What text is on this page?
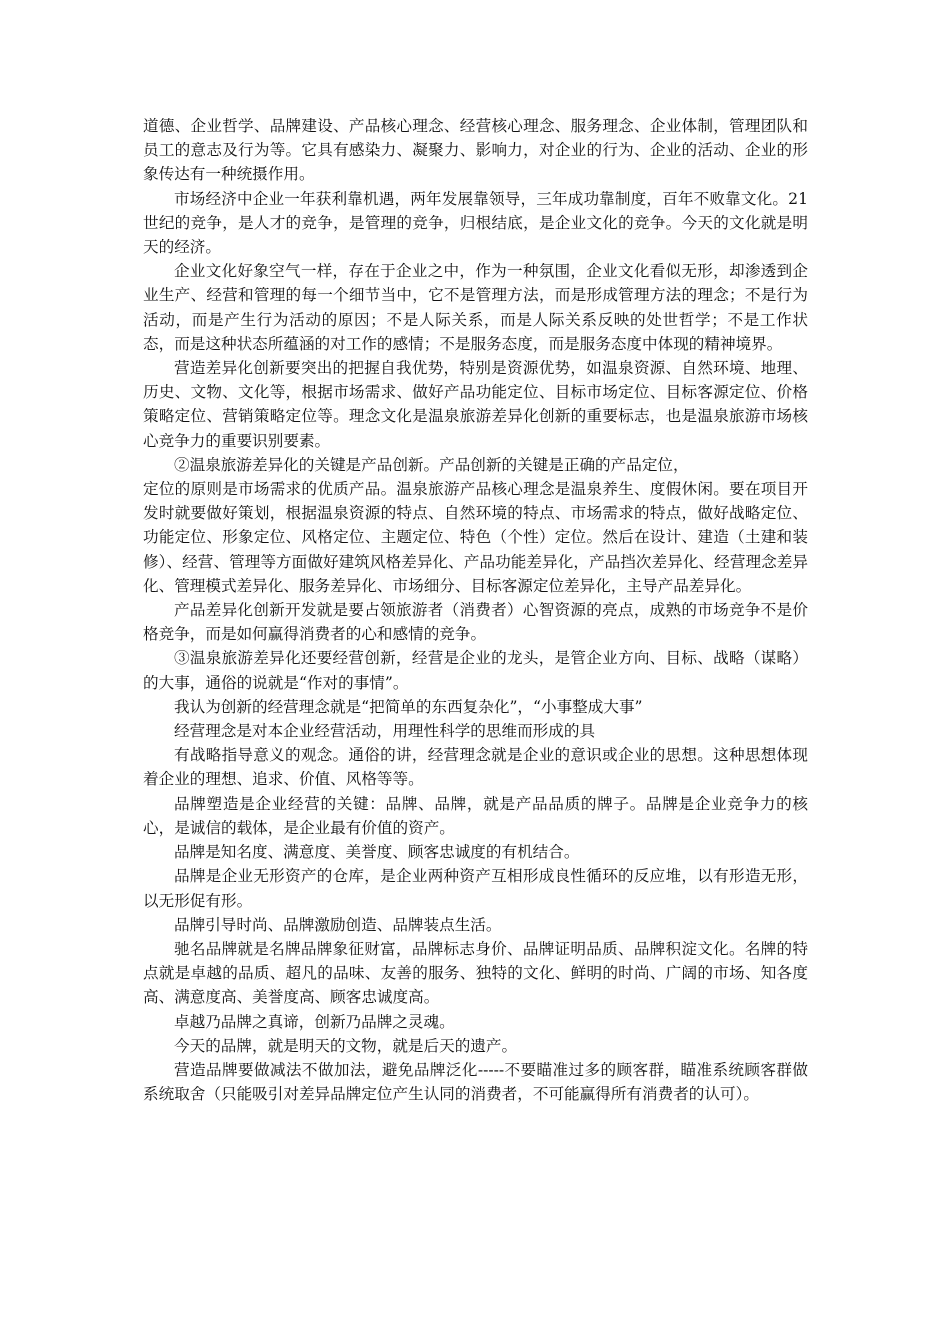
道德、企业哲学、品牌建设、产品核心理念、经营核心理念、服务理念、企业体制，管理团队和员工的意志及行为等。它具有感染力、凝聚力、影响力，对企业的行为、企业的活动、企业的形象传达有一种统摄作用。

市场经济中企业一年获利靠机遇，两年发展靠领导，三年成功靠制度，百年不败靠文化。21 世纪的竞争，是人才的竞争，是管理的竞争，归根结底，是企业文化的竞争。今天的文化就是明天的经济。

企业文化好象空气一样，存在于企业之中，作为一种氛围，企业文化看似无形，却渗透到企业生产、经营和管理的每一个细节当中，它不是管理方法，而是形成管理方法的理念；不是行为活动，而是产生行为活动的原因；不是人际关系，而是人际关系反映的处世哲学；不是工作状态，而是这种状态所蕴涵的对工作的感情；不是服务态度，而是服务态度中体现的精神境界。

营造差异化创新要突出的把握自我优势，特别是资源优势，如温泉资源、自然环境、地理、历史、文物、文化等，根据市场需求、做好产品功能定位、目标市场定位、目标客源定位、价格策略定位、营销策略定位等。理念文化是温泉旅游差异化创新的重要标志，也是温泉旅游市场核心竞争力的重要识别要素。

②温泉旅游差异化的关键是产品创新。产品创新的关键是正确的产品定位，

定位的原则是市场需求的优质产品。温泉旅游产品核心理念是温泉养生、度假休闲。要在项目开发时就要做好策划，根据温泉资源的特点、自然环境的特点、市场需求的特点，做好战略定位、功能定位、形象定位、风格定位、主题定位、特色（个性）定位。然后在设计、建造（土建和装修）、经营、管理等方面做好建筑风格差异化、产品功能差异化，产品挡次差异化、经营理念差异化、管理模式差异化、服务差异化、市场细分、目标客源定位差异化，主导产品差异化。

产品差异化创新开发就是要占领旅游者（消费者）心智资源的亮点，成熟的市场竞争不是价格竞争，而是如何赢得消费者的心和感情的竞争。

③温泉旅游差异化还要经营创新，经营是企业的龙头，是管企业方向、目标、战略（谋略）的大事，通俗的说就是“作对的事情”。

我认为创新的经营理念就是“把简单的东西复杂化”，“小事整成大事”

经营理念是对本企业经营活动，用理性科学的思维而形成的具

有战略指导意义的观念。通俗的讲，经营理念就是企业的意识或企业的思想。这种思想体现着企业的理想、追求、价值、风格等等。

品牌塑造是企业经营的关键：品牌、品牌，就是产品品质的牌子。品牌是企业竞争力的核心，是诚信的载体，是企业最有价值的资产。

品牌是知名度、满意度、美誉度、顾客忠诚度的有机结合。

品牌是企业无形资产的仓库，是企业两种资产互相形成良性循环的反应堆，以有形造无形，以无形促有形。

品牌引导时尚、品牌激励创造、品牌装点生活。

驰名品牌就是名牌品牌象征财富，品牌标志身价、品牌证明品质、品牌积淀文化。名牌的特点就是卓越的品质、超凡的品味、友善的服务、独特的文化、鲜明的时尚、广阔的市场、知各度高、满意度高、美誉度高、顾客忠诚度高。

卓越乃品牌之真谛，创新乃品牌之灵魂。

今天的品牌，就是明天的文物，就是后天的遗产。

营造品牌要做减法不做加法，避免品牌泛化-----不要瞄准过多的顾客群，瞄准系统顾客群做系统取舍（只能吸引对差异品牌定位产生认同的消费者，不可能赢得所有消费者的认可）。
